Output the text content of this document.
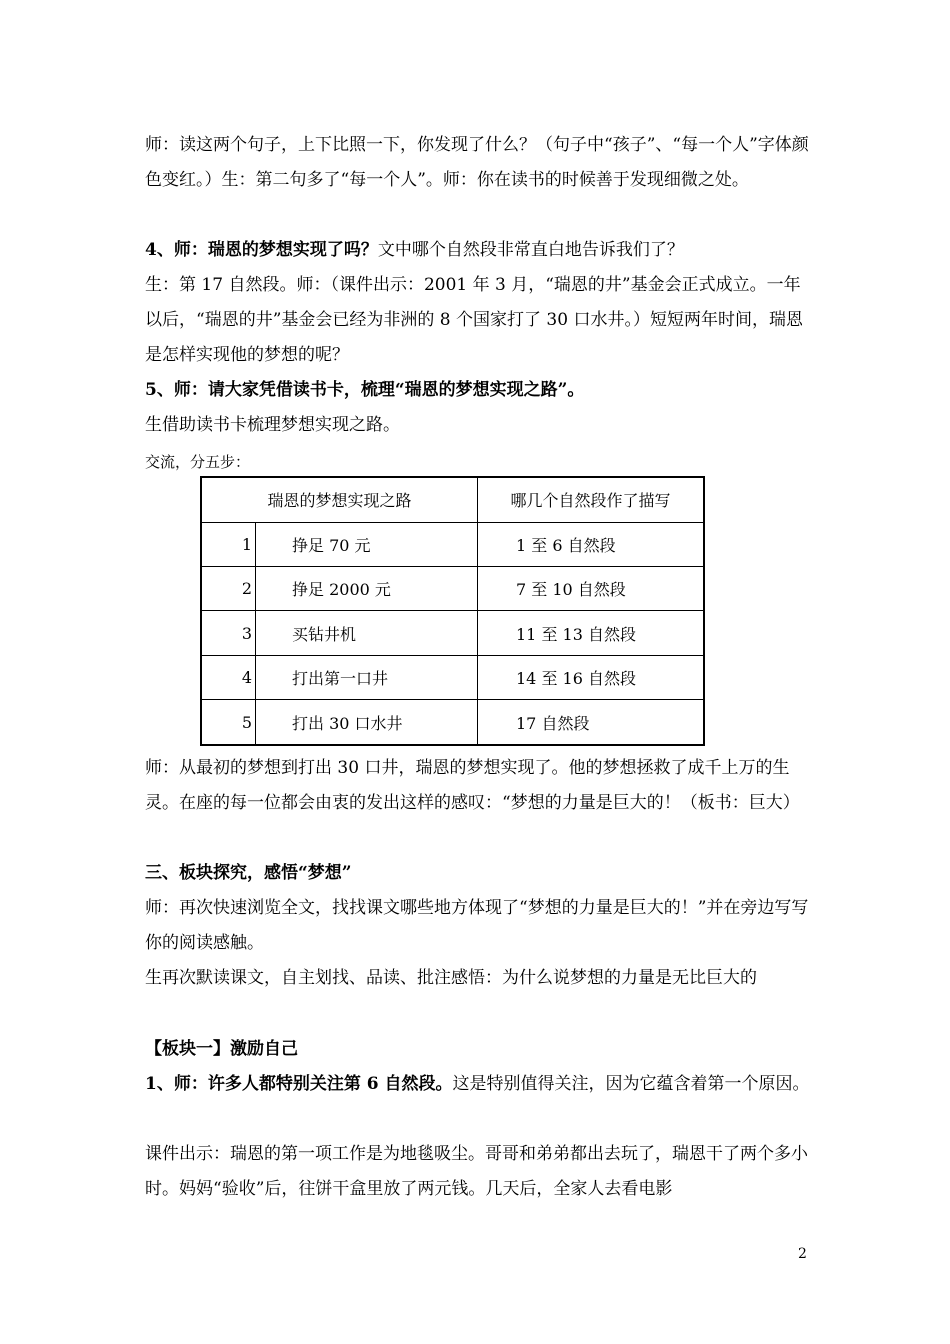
师：读这两个句子，上下比照一下，你发现了什么？（句子中“孩子”、“每一个人”字体颜色变红。）生：第二句多了“每一个人”。师：你在读书的时候善于发现细微之处。

4、师：瑞恩的梦想实现了吗？文中哪个自然段非常直白地告诉我们了？

生：第 17 自然段。师：（课件出示：2001 年 3 月，“瑞恩的井”基金会正式成立。一年以后，“瑞恩的井”基金会已经为非洲的 8 个国家打了 30 口水井。）短短两年时间，瑞恩是怎样实现他的梦想的呢？

5、师：请大家凭借读书卡，梳理“瑞恩的梦想实现之路”。

生借助读书卡梳理梦想实现之路。

交流，分五步：

瑞恩的梦想实现之路		哪几个自然段作了描写
1	挣足 70 元	1 至 6 自然段
2	挣足 2000 元	7 至 10 自然段
3	买钻井机	11 至 13 自然段
4	打出第一口井	14 至 16 自然段
5	打出 30 口水井	17 自然段

师：从最初的梦想到打出 30 口井，瑞恩的梦想实现了。他的梦想拯救了成千上万的生灵。在座的每一位都会由衷的发出这样的感叹：“梦想的力量是巨大的！（板书：巨大）

三、板块探究，感悟“梦想”

师：再次快速浏览全文，找找课文哪些地方体现了“梦想的力量是巨大的！”并在旁边写写你的阅读感触。

生再次默读课文，自主划找、品读、批注感悟：为什么说梦想的力量是无比巨大的

【板块一】激励自己

1、师：许多人都特别关注第 6 自然段。这是特别值得关注，因为它蕴含着第一个原因。

课件出示：瑞恩的第一项工作是为地毯吸尘。哥哥和弟弟都出去玩了，瑞恩干了两个多小时。妈妈“验收”后，往饼干盒里放了两元钱。几天后，全家人去看电影

2
